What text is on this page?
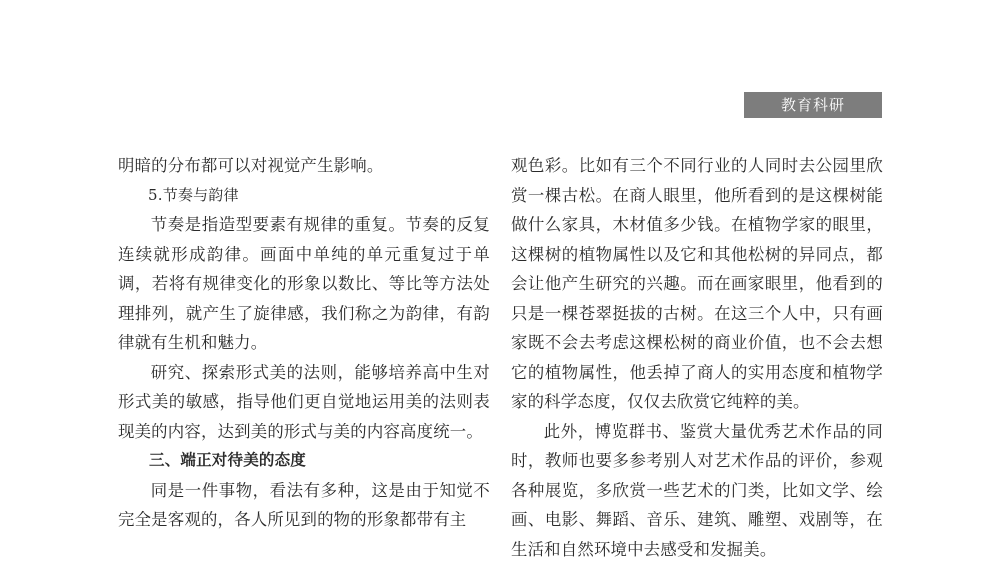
教育科研

明暗的分布都可以对视觉产生影响。

5.节奏与韵律

节奏是指造型要素有规律的重复。节奏的反复连续就形成韵律。画面中单纯的单元重复过于单调，若将有规律变化的形象以数比、等比等方法处理排列，就产生了旋律感，我们称之为韵律，有韵律就有生机和魅力。

研究、探索形式美的法则，能够培养高中生对形式美的敏感，指导他们更自觉地运用美的法则表现美的内容，达到美的形式与美的内容高度统一。

三、端正对待美的态度

同是一件事物，看法有多种，这是由于知觉不完全是客观的，各人所见到的物的形象都带有主

观色彩。比如有三个不同行业的人同时去公园里欣赏一棵古松。在商人眼里，他所看到的是这棵树能做什么家具，木材值多少钱。在植物学家的眼里，这棵树的植物属性以及它和其他松树的异同点，都会让他产生研究的兴趣。而在画家眼里，他看到的只是一棵苍翠挺拔的古树。在这三个人中，只有画家既不会去考虑这棵松树的商业价值，也不会去想它的植物属性，他丢掉了商人的实用态度和植物学家的科学态度，仅仅去欣赏它纯粹的美。

此外，博览群书、鉴赏大量优秀艺术作品的同时，教师也要多参考别人对艺术作品的评价，参观各种展览，多欣赏一些艺术的门类，比如文学、绘画、电影、舞蹈、音乐、建筑、雕塑、戏剧等，在生活和自然环境中去感受和发掘美。
